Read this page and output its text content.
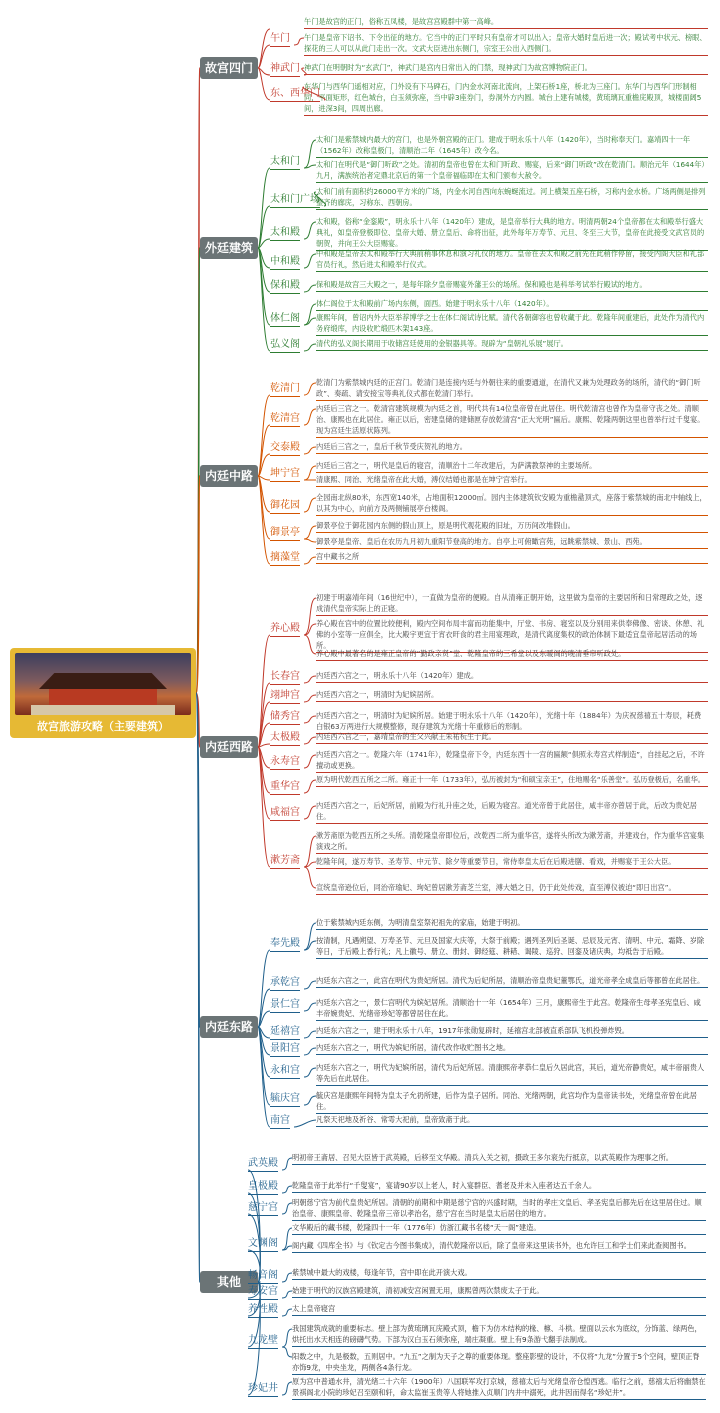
故宫旅游攻略（主要建筑）
故宫四门
午门是故宫的正门，俗称五凤楼，是故宫宫殿群中第一高峰。
午门 午门是皇帝下诏书、下令出征的地方。它当中的正门平时只有皇帝才可以出入；皇帝大婚时皇后进一次；殿试考中状元、榜眼、探花的三人可以从此门走出一次。文武大臣进出东侧门，宗室王公出入西侧门。
神武门 神武门在明朝时为“玄武门”，神武门是宫内日常出入的门禁，现神武门为故宫博物院正门。
东、西华门
东华门与西华门遥相对应，门外设有下马碑石，门内金水河南北流向，上架石桥1座，桥北为三座门。东华门与西华门形制相同，平面矩形，红色城台，白玉须弥座，当中辟3座券门，券洞外方内圆。城台上建有城楼，黄琉璃瓦重檐庑殿顶，城楼面阔5间，进深3间，四周出廊。
外廷建筑
太和门
太和门是紫禁城内最大的宫门，也是外朝宫殿的正门。建成于明永乐十八年（1420年），当时称奉天门。嘉靖四十一年（1562年）改称皇极门，清顺治二年（1645年）改今名。
太和门在明代是“御门听政”之处。清初的皇帝也曾在太和门听政、赐宴，后来“御门听政”改在乾清门。顺治元年（1644年）九月，满族统治者定鼎北京后的第一个皇帝福临即在太和门颁布大赦令。
太和门广场
太和门前有面积约26000平方米的广场，内金水河自西向东蜿蜒流过。河上横架五座石桥，习称内金水桥。广场两侧是排列整齐的廊庑，习称东、西朝房。
太和殿
太和殿，俗称“金銮殿”，明永乐十八年（1420年）建成，是皇帝举行大典的地方。明清两朝24个皇帝都在太和殿举行盛大典礼，如皇帝登极即位、皇帝大婚、册立皇后、命将出征，此外每年万寿节、元旦、冬至三大节，皇帝在此接受文武官员的朝贺，并向王公大臣赐宴。
中和殿
中和殿是皇帝去太和殿举行大典前稍事休息和演习礼仪的地方。皇帝在去太和殿之前先在此稍作停留，接受内阁大臣和礼部官员行礼，然后进太和殿举行仪式。
保和殿 保和殿是故宫三大殿之一，是每年除夕皇帝赐宴外藩王公的场所。保和殿也是科举考试举行殿试的地方。
体仁阁
体仁阁位于太和殿前广场内东侧，面西。始建于明永乐十八年（1420年）。
康熙年间，曾诏内外大臣举荐博学之士在体仁阁试诗比赋。清代各朝御容也曾收藏于此。乾隆年间重建后，此处作为清代内务府缎库，内设收贮缎匹木架143座。
弘义阁 清代的弘义阁长期用于收储宫廷使用的金银器具等。现辟为“皇朝礼乐展”展厅。
内廷中路
乾清门
乾清门为紫禁城内廷的正宫门。乾清门是连接内廷与外朝往来的重要通道，在清代又兼为处理政务的场所，清代的“御门听政”、奏疏、请安接宝等典礼仪式都在乾清门举行。
乾清宫
内廷后三宫之一。乾清宫建筑规模为内廷之首，明代共有14位皇帝曾在此居住。明代乾清宫也曾作为皇帝守丧之处。清顺治、康熙也在此居住。雍正以后，密建皇储的建储匣存放乾清宫“正大光明”匾后。康熙、乾隆两朝这里也曾举行过千叟宴。现为宫廷生活原状陈列。
交泰殿 内廷后三宫之一，皇后千秋节受庆贺礼的地方。
坤宁宫
内廷后三宫之一，明代是皇后的寝宫，清顺治十二年改建后，为萨满教祭神的主要场所。
清康熙、同治、光绪皇帝在此大婚，溥仪结婚也都是在坤宁宫举行。
御花园
全园南北纵80米，东西宽140米，占地面积12000㎡。园内主体建筑钦安殿为重檐盝顶式，座落于紫禁城的南北中轴线上，以其为中心，向前方及两侧铺展亭台楼阁。
御景亭
御景亭位于御花园内东侧的假山顶上，原是明代观花殿的旧址，万历间改堆假山。
御景亭是皇帝、皇后在农历九月初九重阳节登高的地方。自亭上可俯瞰宫苑，远眺紫禁城、景山、西苑。
摛藻堂 宫中藏书之所
内廷西路
养心殿
初建于明嘉靖年间（16世纪中），一直做为皇帝的便殿。自从清雍正朝开始，这里做为皇帝的主要居所和日常理政之处，逐成清代皇帝实际上的正寝。
养心殿在宫中的位置比较便利，殿内空间布局丰富而功能集中，厅堂、书房、寝室以及分别用来供奉佛像、密谈、休憩、礼佛的小室等一应俱全，比大殿宇更宜于宵衣旰食的君主用宴理政，是清代离度集权的政治体制下最适宜皇帝起居活动的场所。
养心殿中最著名的是雍正皇帝的“勤政亲贤”堂、乾隆皇帝的三希堂以及东暖阁的晚清垂帘听政处。
长春宫 内廷西六宫之一，明永乐十八年（1420年）建成。
翊坤宫 内廷西六宫之一，明清时为妃嫔居所。
储秀宫 内廷西六宫之一，明清时为妃嫔所居。始建于明永乐十八年（1420年），光绪十年（1884年）为庆祝慈禧五十寿辰，耗费白银63万两进行大规模整修，现存建筑为光绪十年重修后的形制。
太极殿 内廷西六宫之一，嘉靖皇帝的生父兴献王朱祐杬生于此。
永寿宫
内廷西六宫之一。乾隆六年（1741年），乾隆皇帝下令，内廷东西十一宫的匾额“俱照永寿宫式样制造”，自挂起之后，不许擅动或更换。
重华宫
原为明代乾西五所之二所。雍正十一年（1733年），弘历被封为“和硕宝亲王”，住地赐名“乐善堂”。弘历登极后，名重华。
咸福宫
内廷西六宫之一，后妃所居，前殿为行礼升座之处，后殿为寝宫。道光帝曾于此居住，咸丰帝亦曾居于此，后改为贵妃居住。
漱芳斋
漱芳斋原为乾西五所之头所。清乾隆皇帝即位后，改乾西二所为重华宫，遂将头所改为漱芳斋，并建戏台，作为重华宫宴集演戏之所。
乾隆年间，遂万寿节、圣寿节、中元节、除夕等重要节日，常侍奉皇太后在后殿进膳、看戏，并赐宴于王公大臣。
宣统皇帝逊位后，同治帝瑜妃、珣妃曾居漱芳斋芝兰室，溥大婚之日，仍于此处传戏，直至溥仪被迫“即日出宫”。
内廷东路
奉先殿
位于紫禁城内廷东侧，为明清皇室祭祀祖先的家庙，始建于明初。
按清制，凡遇朔望、万寿圣节、元旦及国家大庆等，大祭于前殿；遇列圣列后圣诞、忌辰及元宵、清明、中元、霜降、岁除等日，于后殿上香行礼；凡上徽号、册立、册封、御经筵、耕耤、谒陵、巡狩、回銮及诸庆典，均祗告于后殿。
承乾宫 内廷东六宫之一，此宫在明代为贵妃所居。清代为后妃所居，清顺治帝皇贵妃董鄂氏，道光帝孝全成皇后等都曾在此居住。
景仁宫 内廷东六宫之一，景仁宫明代为嫔妃居所。清顺治十一年（1654年）三月，康熙帝生于此宫。乾隆帝生母孝圣宪皇后、咸丰帝婉贵妃、光绪帝珍妃等都曾居住在此。
延禧宫 内廷东六宫之一，建于明永乐十八年，1917年张勋复辟时，延禧宫北部被直系部队飞机投弹炸毁。
景阳宫 内廷东六宫之一，明代为嫔妃所居，清代改作收贮图书之地。
永和宫 内廷东六宫之一，明代为妃嫔所居，清代为后妃所居。清康熙帝孝恭仁皇后久居此宫，其后，道光帝静贵妃，咸丰帝丽贵人等先后在此居住。
毓庆宫 毓庆宫是康熙年间特为皇太子允礽所建，后作为皇子居所。同治、光绪两朝，此宫均作为皇帝读书处，光绪皇帝曾在此居住。
南宫	凡祭天祀地及祈谷、常雩大祀前，皇帝致斋于此。
其他
武英殿
明初帝王斋居、召见大臣皆于武英殿，后移至文华殿。清兵入关之初，摄政王多尔衮先行抵京，以武英殿作为理事之所。
皇极殿 乾隆皇帝于此举行“千叟宴”，宴请90岁以上老人，时入宴群臣、耆老及并未入座者达五千余人。
慈宁宫 明朝慈宁宫为前代皇贵妃所居。清朝的前期和中期是慈宁宫的兴盛时期，当时的孝庄文皇后、孝圣宪皇后都先后在这里居住过。顺治皇帝、康熙皇帝、乾隆皇帝三帝以孝治名，慈宁宫在当时是皇太后居住的地方。
文渊阁
文华殿后的藏书楼，乾隆四十一年（1776年）仿浙江藏书名楼“天一阁”建造。
阁内藏《四库全书》与《钦定古今图书集成》，清代乾隆帝以后，除了皇帝来这里读书外，也允许巨工和学士们来此查阅图书。
畅音阁 紫禁城中最大的戏楼，每逢年节，宫中即在此开演大戏。
寿安宫 始建于明代的汉族宫殿建筑，清初减安宫闲置无用，康熙曾两次禁废太子于此。
养性殿 太上皇帝寝宫
九龙壁
我国建筑成就的重要标志。壁上部为黄琉璃瓦庑殿式顶，檐下为仿木结构的椽、檩、斗栱。壁面以云水为底纹，分饰蓝、绿两色，烘托出水天相连的磅礴气势。下部为汉白玉石须弥座，端庄凝重。壁上有9条游弋翻手法制成。
阳数之中，九是极数，五则居中。“九五”之制为天子之尊的重要体现。整座影壁的设计，不仅将“九龙”分置于5个空间，壁顶正脊亦饰9龙，中央坐龙，两侧各4条行龙。
珍妃井
原为宫中普通水井，清光绪二十六年（1900年）八国联军攻打京城，慈禧太后与光绪皇帝仓惶西逃。临行之前，慈禧太后将幽禁在景祺阁北小院的珍妃召至颐和轩，命太监崔玉贵等人将她推入贞顺门内井中溺死，此井因而得名“珍妃井”。
